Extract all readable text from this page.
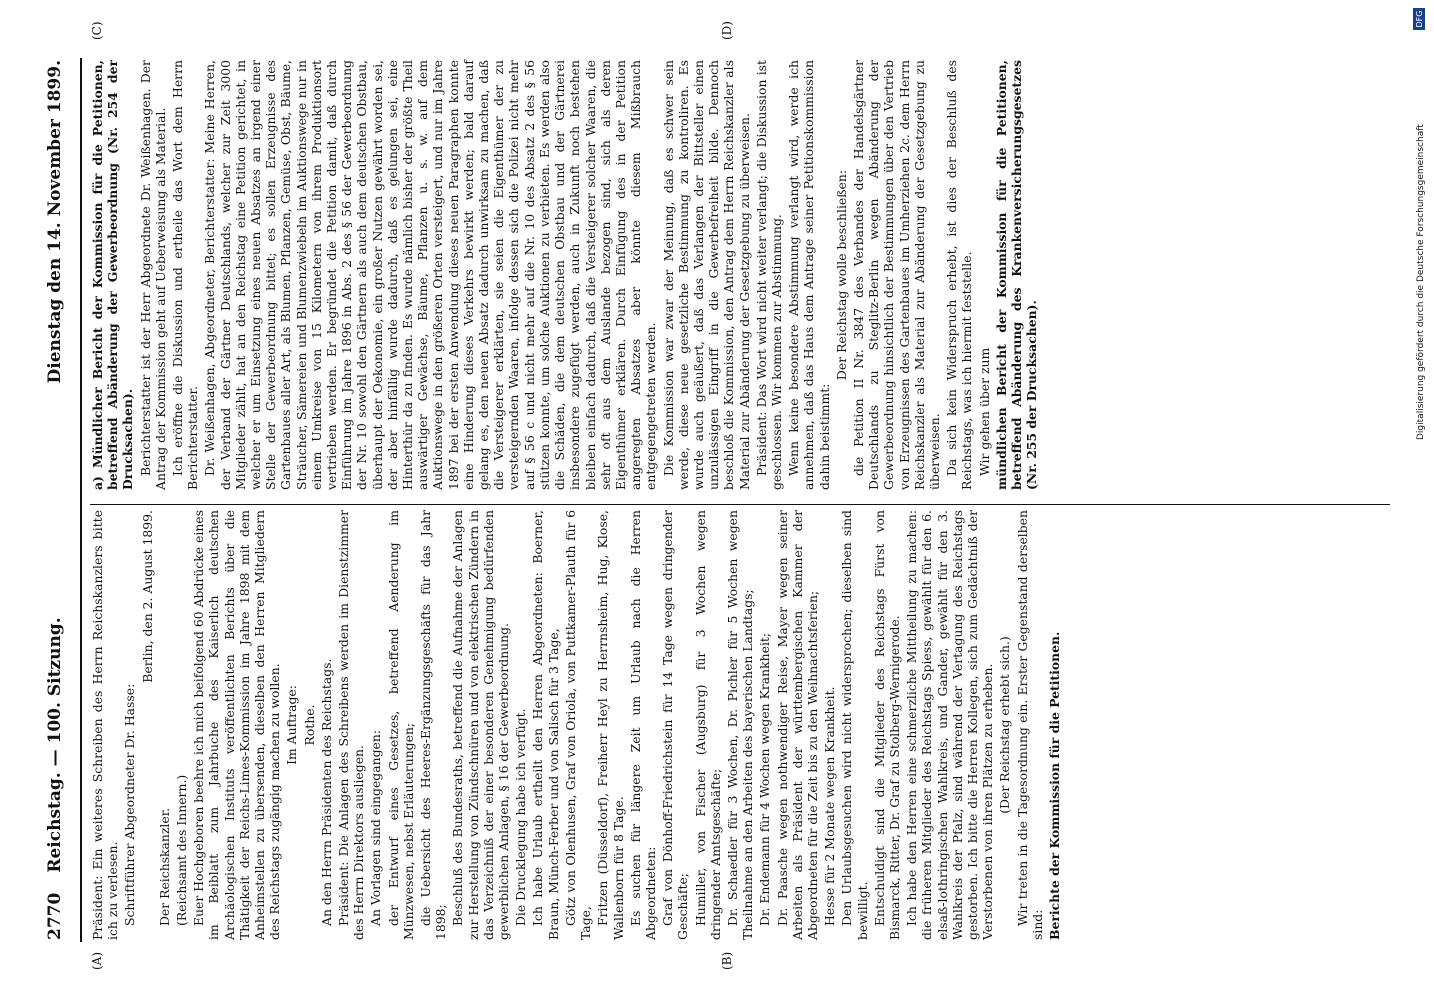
2770
Reichstag. — 100. Sitzung.
Dienstag den 14. November 1899.

Präsident: Ein weiteres Schreiben des Herrn Reichskanzlers bitte ich zu verlesen. Schriftführer Abgeordneter Dr. Hasse:

Berlin, den 2. August 1899.

Der Reichskanzler. (Reichsamt des Innern.) Euer Hochgeboren beehre ich mich beifolgend 60 Abdrücke eines im Beiblatt zum Jahrbuche des Kaiserlich deutschen Archäologischen Instituts veröffentlichten Berichts über die Thätigkeit der Reichs-Limes-Kommission im Jahre 1898 mit dem Anheimstellen zu übersenden, dieselben den Herren Mitgliedern des Reichstags zugängig machen zu wollen. Im Auftrage: Rothe. An den Herrn Präsidenten des Reichstags. Präsident: Die Anlagen des Schreibens werden im Dienstzimmer des Herrn Direktors ausliegen. An Vorlagen sind eingegangen: der Entwurf eines Gesetzes, betreffend Aenderung im Münzwesen, nebst Erläuterungen; die Uebersicht des Heeres-Ergänzungsgeschäfts für das Jahr 1898; Beschluß des Bundesraths, betreffend die Aufnahme der Anlagen zur Herstellung von Zündschnüren und von elektrischen Zündern in das Verzeichniß der einer besonderen Genehmigung bedürfenden gewerblichen Anlagen, § 16 der Gewerbeordnung. Die Drucklegung habe ich verfügt. Ich habe Urlaub ertheilt den Herren Abgeordneten: Boerner, Braun, Münch-Ferber und von Salisch für 3 Tage, Götz von Olenhusen, Graf von Oriola, von Puttkamer-Plauth für 6 Tage, Fritzen (Düsseldorf), Freiherr Heyl zu Herrnsheim, Hug, Klose, Wallenborn für 8 Tage. Es suchen für längere Zeit um Urlaub nach die Herren Abgeordneten: Graf von Dönhoff-Friedrichstein für 14 Tage wegen dringender Geschäfte; Humiller, von Fischer (Augsburg) für 3 Wochen wegen dringender Amtsgeschäfte; Dr. Schaedler für 3 Wochen, Dr. Pichler für 5 Wochen wegen Theilnahme an den Arbeiten des bayerischen Landtags; Dr. Endemann für 4 Wochen wegen Krankheit; Dr. Paasche wegen nothwendiger Reise, Mayer wegen seiner Arbeiten als Präsident der württembergischen Kammer der Abgeordneten für die Zeit bis zu den Weihnachtsferien; Hesse für 2 Monate wegen Krankheit. Den Urlaubsgesuchen wird nicht widersprochen; dieselben sind bewilligt. Entschuldigt sind die Mitglieder des Reichstags Fürst von Bismarck, Ritter, Dr. Graf zu Stolberg-Wernigerode. Ich habe den Herren eine schmerzliche Mittheilung zu machen: die früheren Mitglieder des Reichstags Spiess, gewählt für den 6. elsaß-lothringischen Wahlkreis, und Gander, gewählt für den 3. Wahlkreis der Pfalz, sind während der Vertagung des Reichstags gestorben. Ich bitte die Herren Kollegen, sich zum Gedächtniß der Verstorbenen von ihren Plätzen zu erheben. (Der Reichstag erhebt sich.) Wir treten in die Tagesordnung ein. Erster Gegenstand derselben sind: Berichte der Kommission für die Petitionen.

a) Mündlicher Bericht der Kommission für die Petitionen, betreffend Abänderung der Gewerbeordnung (Nr. 254 der Drucksachen). Berichterstatter ist der Herr Abgeordnete Dr. Weißenhagen. Der Antrag der Kommission geht auf Ueberweisung als Material. Ich eröffne die Diskussion und ertheile das Wort dem Herrn Berichterstatter. Dr. Weißenhagen, Abgeordneter, Berichterstatter: Meine Herren, der Verband der Gärtner Deutschlands, welcher zur Zeit 3000 Mitglieder zählt, hat an den Reichstag eine Petition gerichtet, in welcher er um Einsetzung eines neuen Absatzes an irgend einer Stelle der Gewerbeordnung bittet; es sollen Erzeugnisse des Gartenbaues aller Art, als Blumen, Pflanzen, Gemüse, Obst, Bäume, Sträucher, Sämereien und Blumenzwiebeln im Auktionswege nur in einem Umkreise von 15 Kilometern von ihrem Produktionsort vertrieben werden. Er begründet die Petition damit, daß durch Einführung im Jahre 1896 in Abs. 2 des § 56 der Gewerbeordnung der Nr. 10 sowohl den Gärtnern als auch dem deutschen Obstbau, überhaupt der Oekonomie, ein großer Nutzen gewährt worden sei, der aber hinfällig wurde dadurch, daß es gelungen sei, eine Hinterthür da zu finden. Es wurde nämlich bisher der größte Theil auswärtiger Gewächse, Bäume, Pflanzen u. s. w. auf dem Auktionswege in den größeren Orten versteigert, und nur im Jahre 1897 bei der ersten Anwendung dieses neuen Paragraphen konnte eine Hinderung dieses Verkehrs bewirkt werden; bald darauf gelang es, den neuen Absatz dadurch unwirksam zu machen, daß die Versteigerer erklärten, sie seien die Eigenthümer der zu versteigernden Waaren, infolge dessen sich die Polizei nicht mehr auf § 56 c und nicht mehr auf die Nr. 10 des Absatz 2 des § 56 stützen konnte, um solche Auktionen zu verbieten. Es werden also die Schäden, die dem deutschen Obstbau und der Gärtnerei insbesondere zugefügt werden, auch in Zukunft noch bestehen bleiben einfach dadurch, daß die Versteigerer solcher Waaren, die sehr oft aus dem Auslande bezogen sind, sich als deren Eigenthümer erklären. Durch Einfügung des in der Petition angeregten Absatzes aber könnte diesem Mißbrauch entgegengetreten werden. Die Kommission war zwar der Meinung, daß es schwer sein werde, diese neue gesetzliche Bestimmung zu kontroliren. Es wurde auch geäußert, daß das Verlangen der Bittsteller einen unzulässigen Eingriff in die Gewerbefreiheit bilde. Dennoch beschloß die Kommission, den Antrag dem Herrn Reichskanzler als Material zur Abänderung der Gesetzgebung zu überweisen. Präsident: Das Wort wird nicht weiter verlangt; die Diskussion ist geschlossen. Wir kommen zur Abstimmung. Wenn keine besondere Abstimmung verlangt wird, werde ich annehmen, daß das Haus dem Antrage seiner Petitionskommission dahin beistimmt:

Der Reichstag wolle beschließen: die Petition II Nr. 3847 des Verbandes der Handelsgärtner Deutschlands zu Steglitz-Berlin wegen Abänderung der Gewerbeordnung hinsichtlich der Bestimmungen über den Vertrieb von Erzeugnissen des Gartenbaues im Umherziehen 2c. dem Herrn Reichskanzler als Material zur Abänderung der Gesetzgebung zu überweisen. Da sich kein Widerspruch erhebt, ist dies der Beschluß des Reichstags, was ich hiermit feststelle. Wir gehen über zum mündlichen Bericht der Kommission für die Petitionen, betreffend Abänderung des Krankenversicherungsgesetzes (Nr. 255 der Drucksachen).

(A)	(B)
(C)	(D)
Digitalisierung gefördert durch die Deutsche Forschungsgemeinschaft
DFG
